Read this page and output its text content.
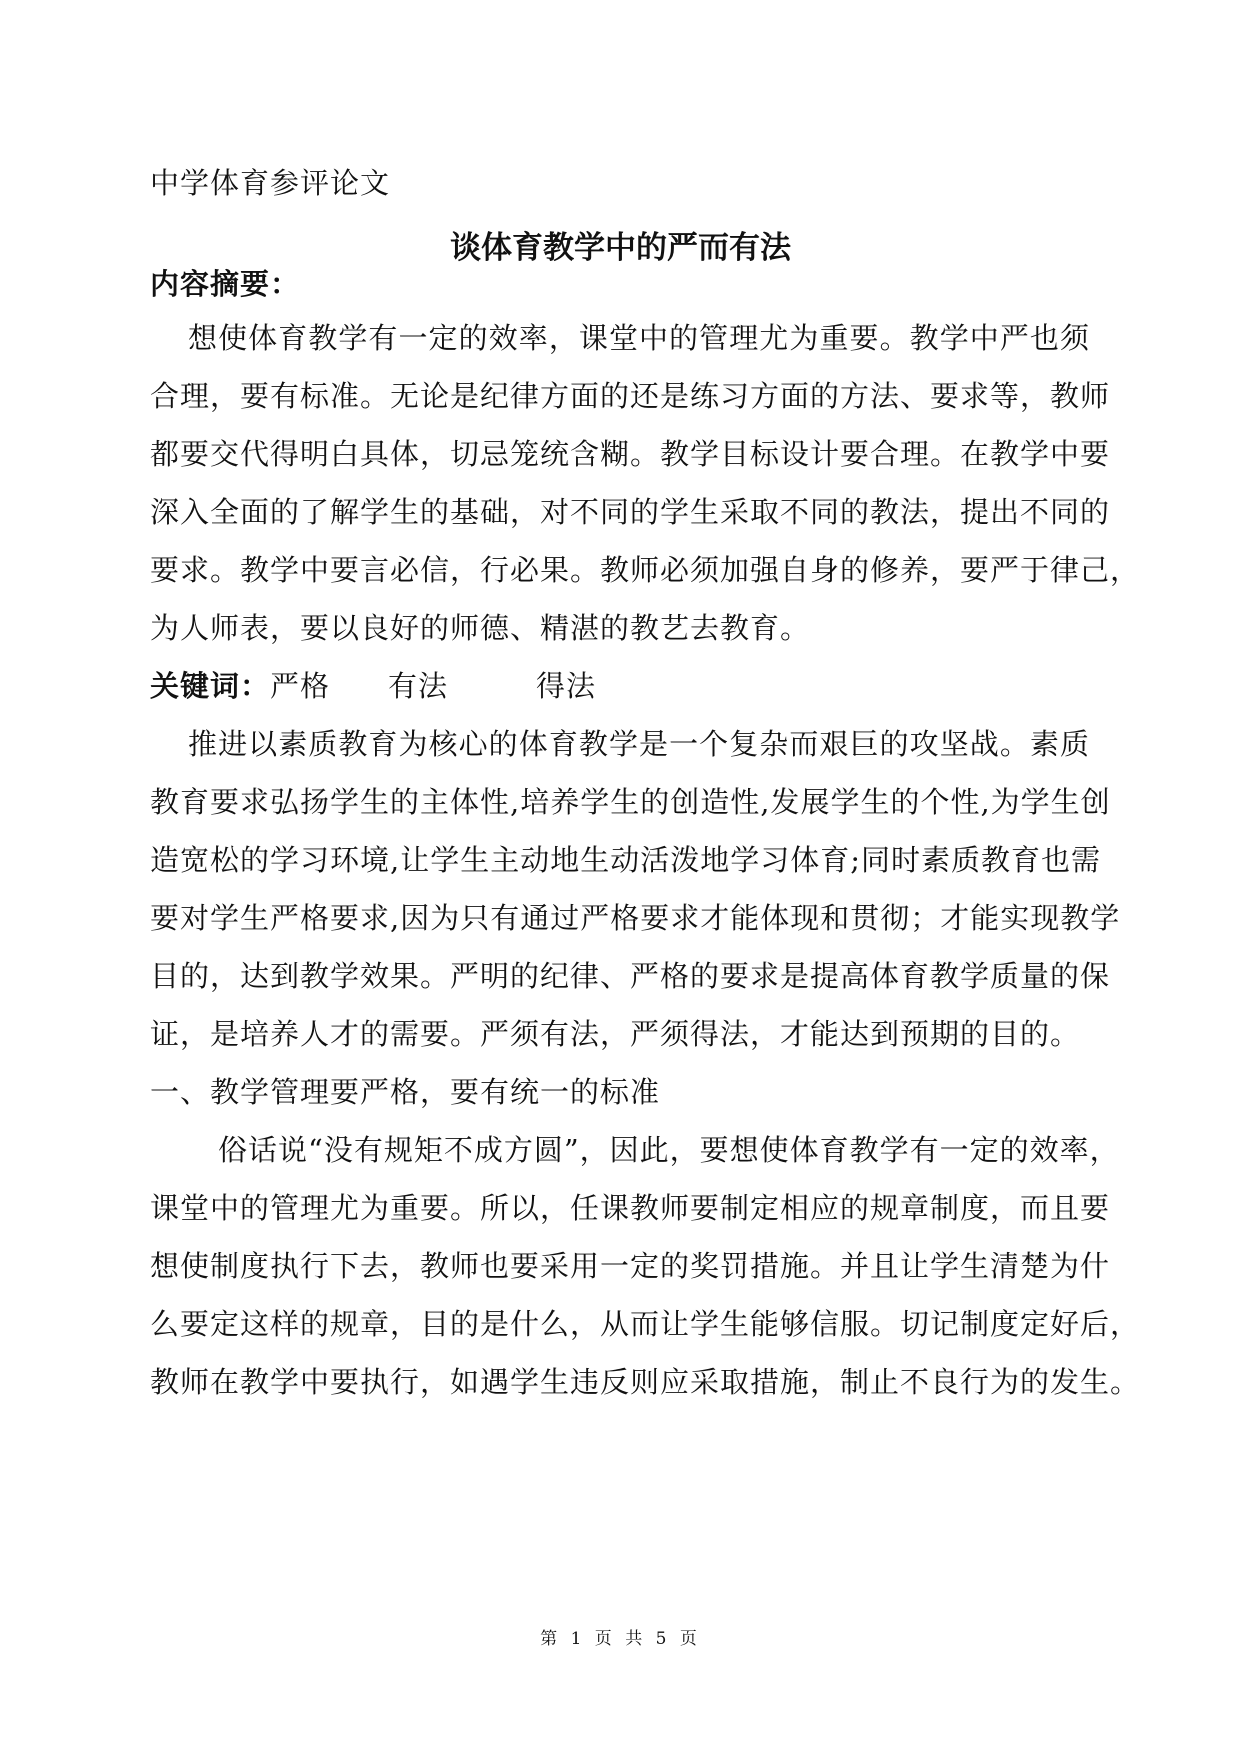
中学体育参评论文
谈体育教学中的严而有法
内容摘要：
想使体育教学有一定的效率，课堂中的管理尤为重要。教学中严也须
合理，要有标准。无论是纪律方面的还是练习方面的方法、要求等，教师
都要交代得明白具体，切忌笼统含糊。教学目标设计要合理。在教学中要
深入全面的了解学生的基础，对不同的学生采取不同的教法，提出不同的
要求。教学中要言必信，行必果。教师必须加强自身的修养，要严于律己，
为人师表，要以良好的师德、精湛的教艺去教育。
关键词：严格 有法	得法
推进以素质教育为核心的体育教学是一个复杂而艰巨的攻坚战。素质
教育要求弘扬学生的主体性,培养学生的创造性,发展学生的个性,为学生创
造宽松的学习环境,让学生主动地生动活泼地学习体育;同时素质教育也需
要对学生严格要求,因为只有通过严格要求才能体现和贯彻；才能实现教学
目的，达到教学效果。严明的纪律、严格的要求是提高体育教学质量的保
证，是培养人才的需要。严须有法，严须得法，才能达到预期的目的。
一、教学管理要严格，要有统一的标准
俗话说“没有规矩不成方圆”，因此，要想使体育教学有一定的效率，
课堂中的管理尤为重要。所以，任课教师要制定相应的规章制度，而且要
想使制度执行下去，教师也要采用一定的奖罚措施。并且让学生清楚为什
么要定这样的规章，目的是什么，从而让学生能够信服。切记制度定好后，
教师在教学中要执行，如遇学生违反则应采取措施，制止不良行为的发生。
第 1 页 共 5 页
